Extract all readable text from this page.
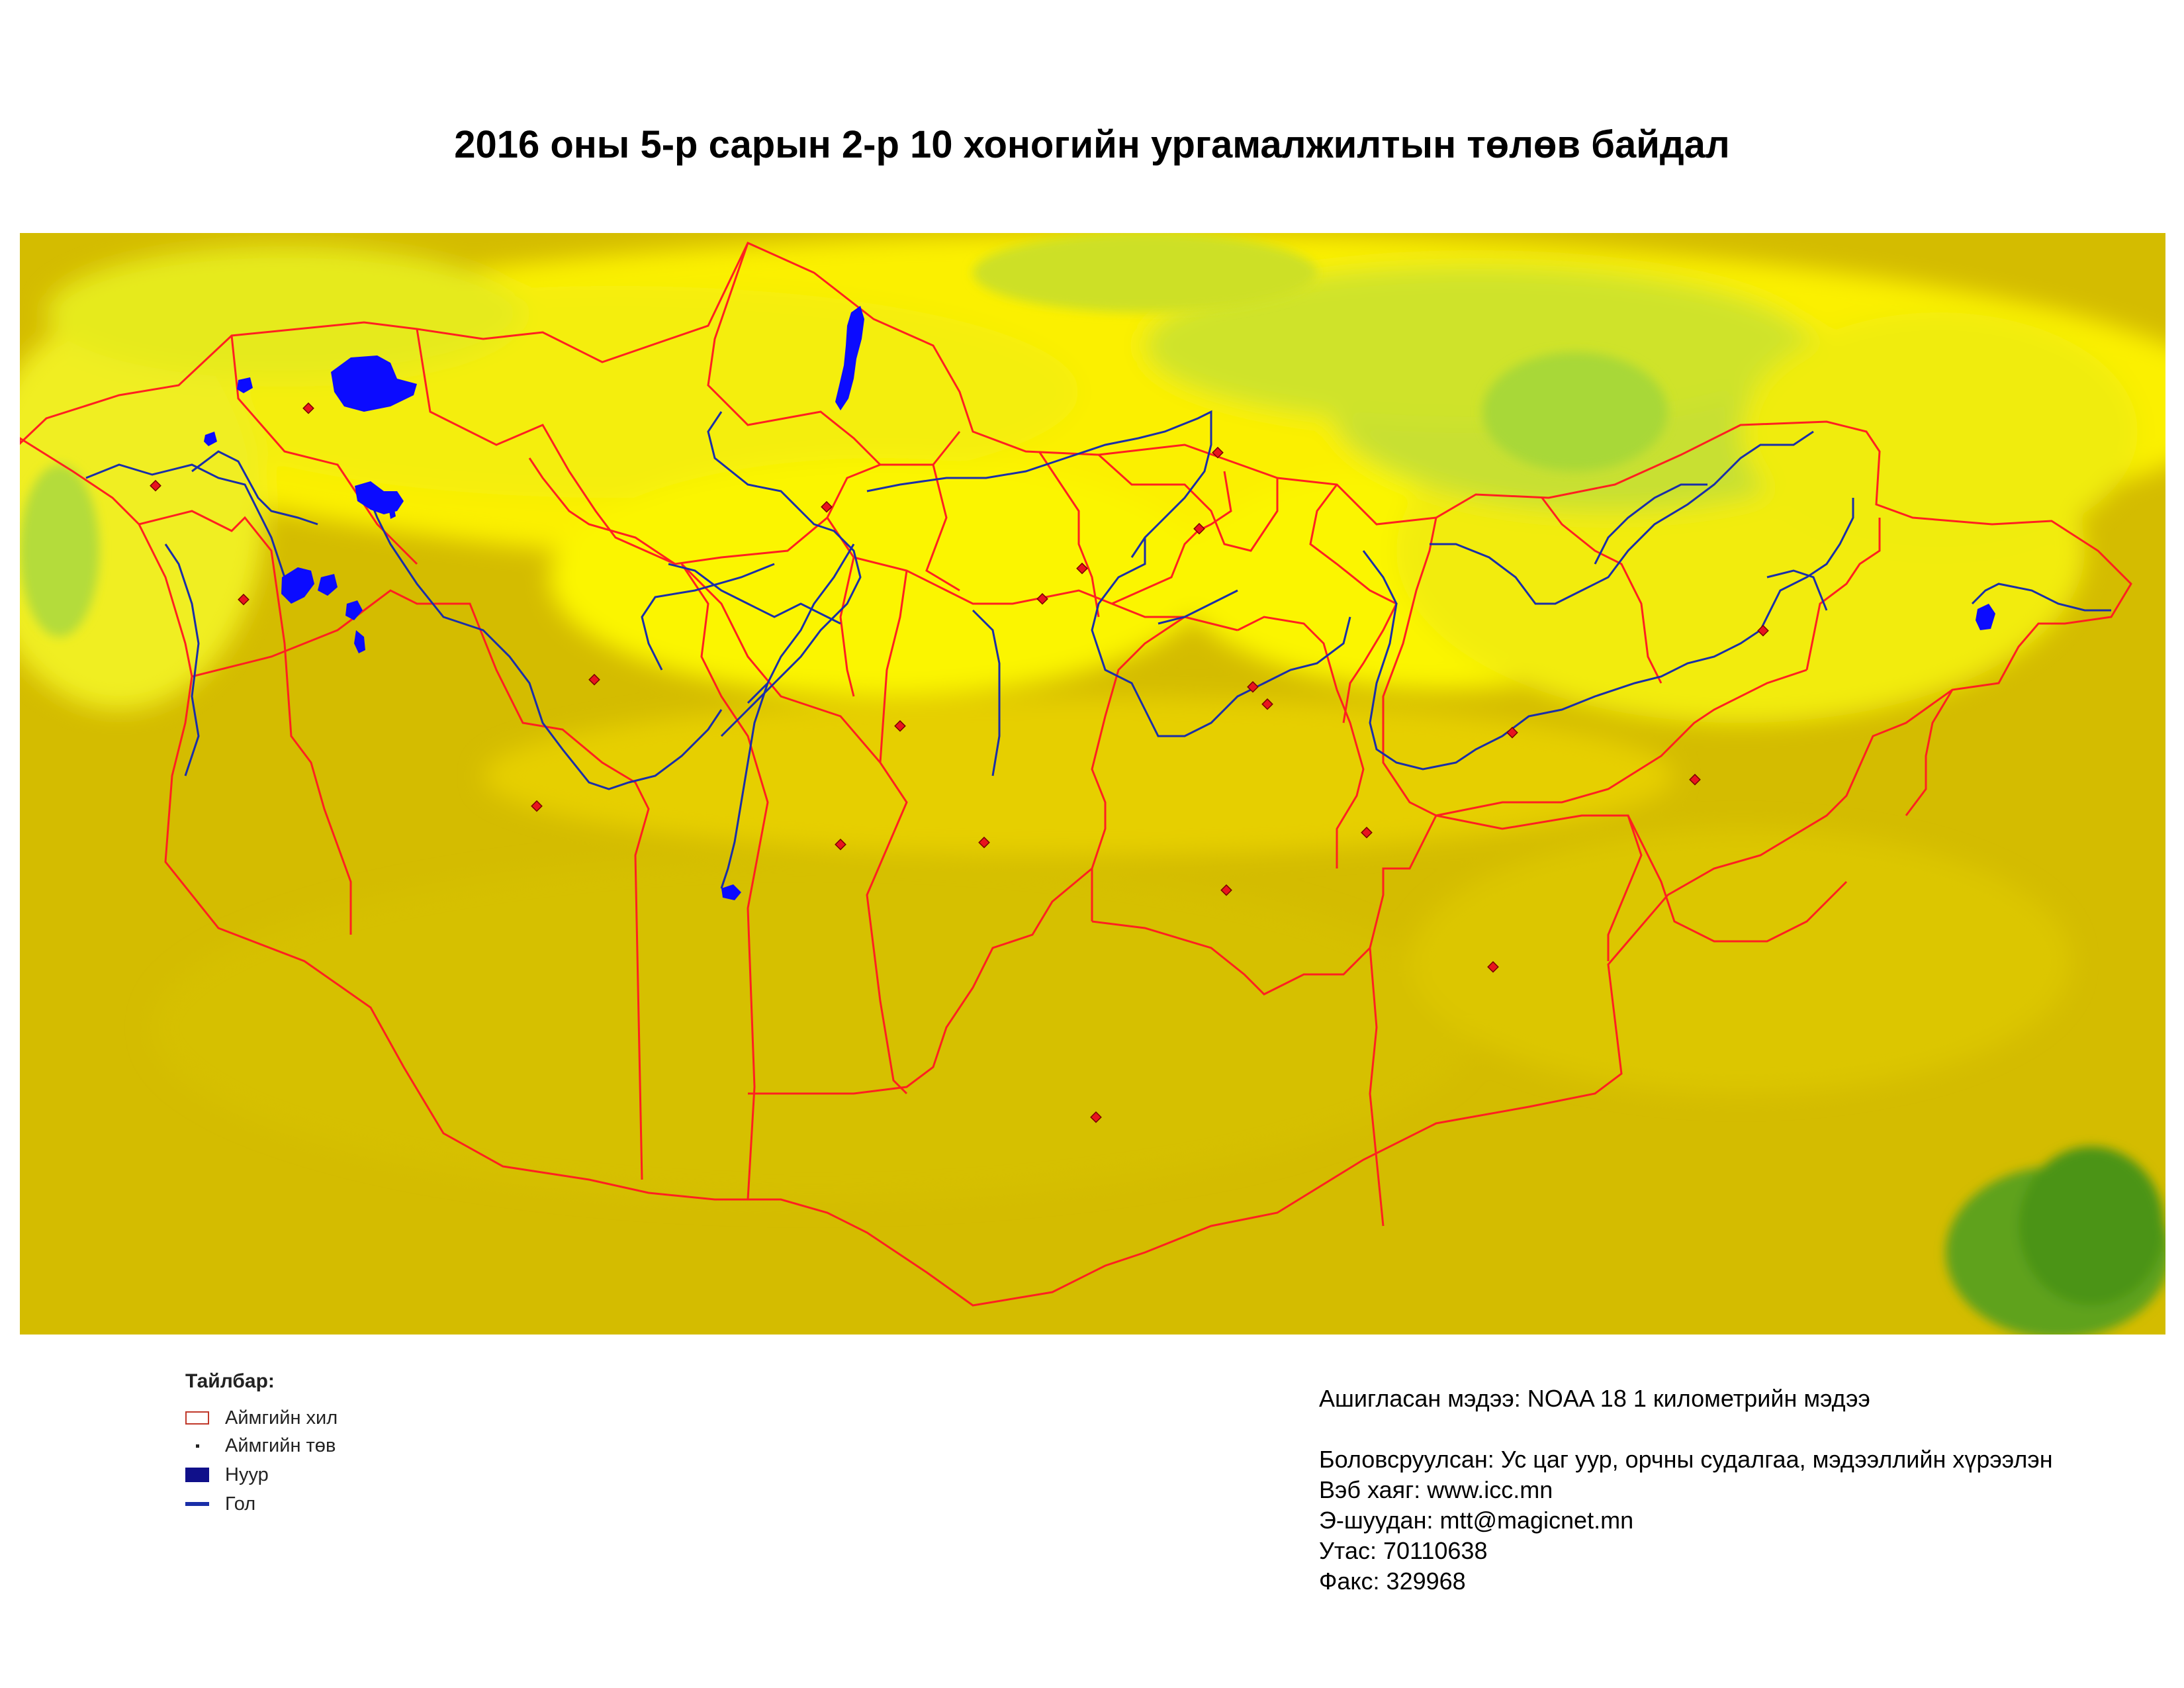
2016 оны 5-р сарын 2-р 10 хоногийн ургамалжилтын төлөв байдал
Тайлбар:
Аймгийн хил
Аймгийн төв
Нуур
Гол
Ашигласан мэдээ: NOAA 18 1 километрийн мэдээ
Боловсруулсан: Ус цаг уур, орчны судалгаа, мэдээллийн хүрээлэн
Вэб хаяг: www.icc.mn
Э-шуудан: mtt@magicnet.mn
Утас: 70110638
Факс: 329968
